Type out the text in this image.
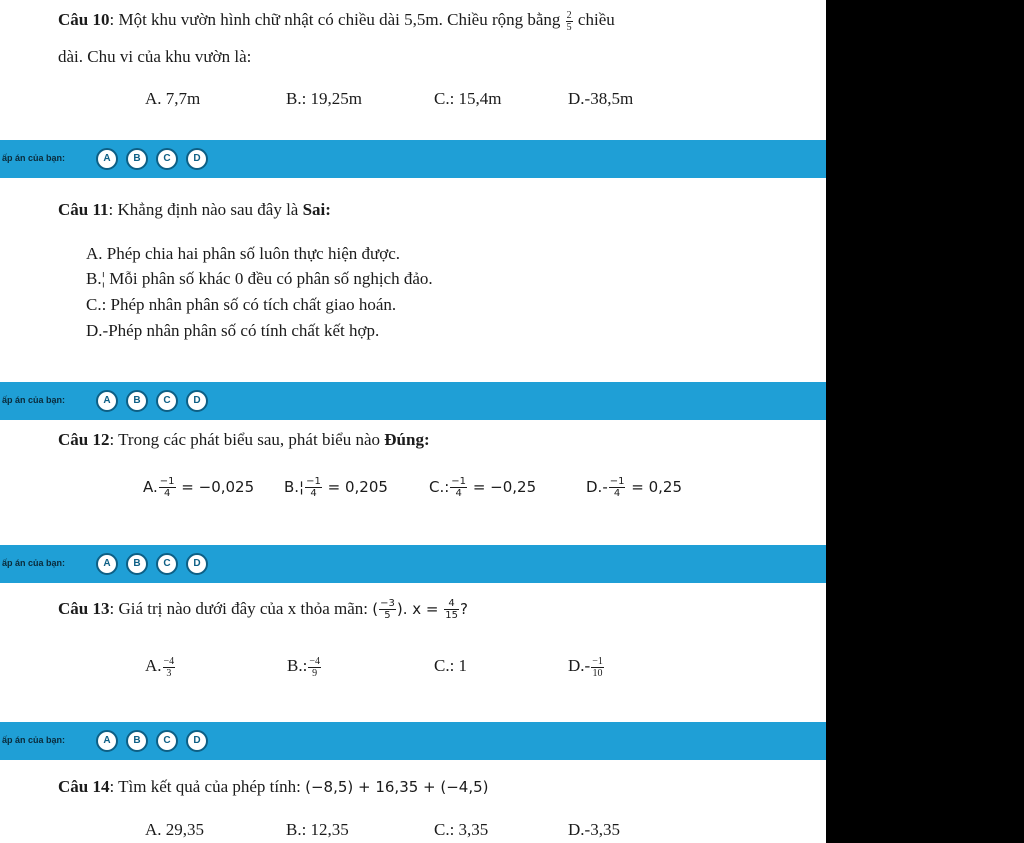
Câu 10: Một khu vườn hình chữ nhật có chiều dài 5,5m. Chiều rộng bằng $\frac{2}{5}$ chiều
dài. Chu vi của khu vườn là:
A. 7,7m	B.: 19,25m	C.: 15,4m	D.-38,5m
ấp án của bạn:	A	B	C	D
Câu 11: Khẳng định nào sau đây là Sai:
A. Phép chia hai phân số luôn thực hiện được.
B.¦ Mỗi phân số khác 0 đều có phân số nghịch đảo.
C.: Phép nhân phân số có tích chất giao hoán.
D.-Phép nhân phân số có tính chất kết hợp.
ấp án của bạn:	A	B	C	D
Câu 12: Trong các phát biểu sau, phát biểu nào Đúng:
A. $\frac{-1}{4} = -0,025$ B.¦ $\frac{-1}{4} = 0,205$	C.: $\frac{-1}{4} = -0,25$	$D.- \frac{-1}{4} = 0,25$
ấp án của bạn:	A	B	C	D
Câu 13: Giá trị nào dưới đây của x thỏa mãn: ( $\frac{-3}{5}$ ). $x = \frac{4}{15}$ ?
A. $\frac{-4}{3}$	B.: $\frac{-4}{9}$	C.: 1	$D.- \frac{-1}{10}$
ấp án của bạn:	A	B	C	D
Câu 14: Tìm kết quả của phép tính: (−8,5) + 16,35 + (−4,5)
A. 29,35	B.: 12,35	C.: 3,35	D.-3,35
